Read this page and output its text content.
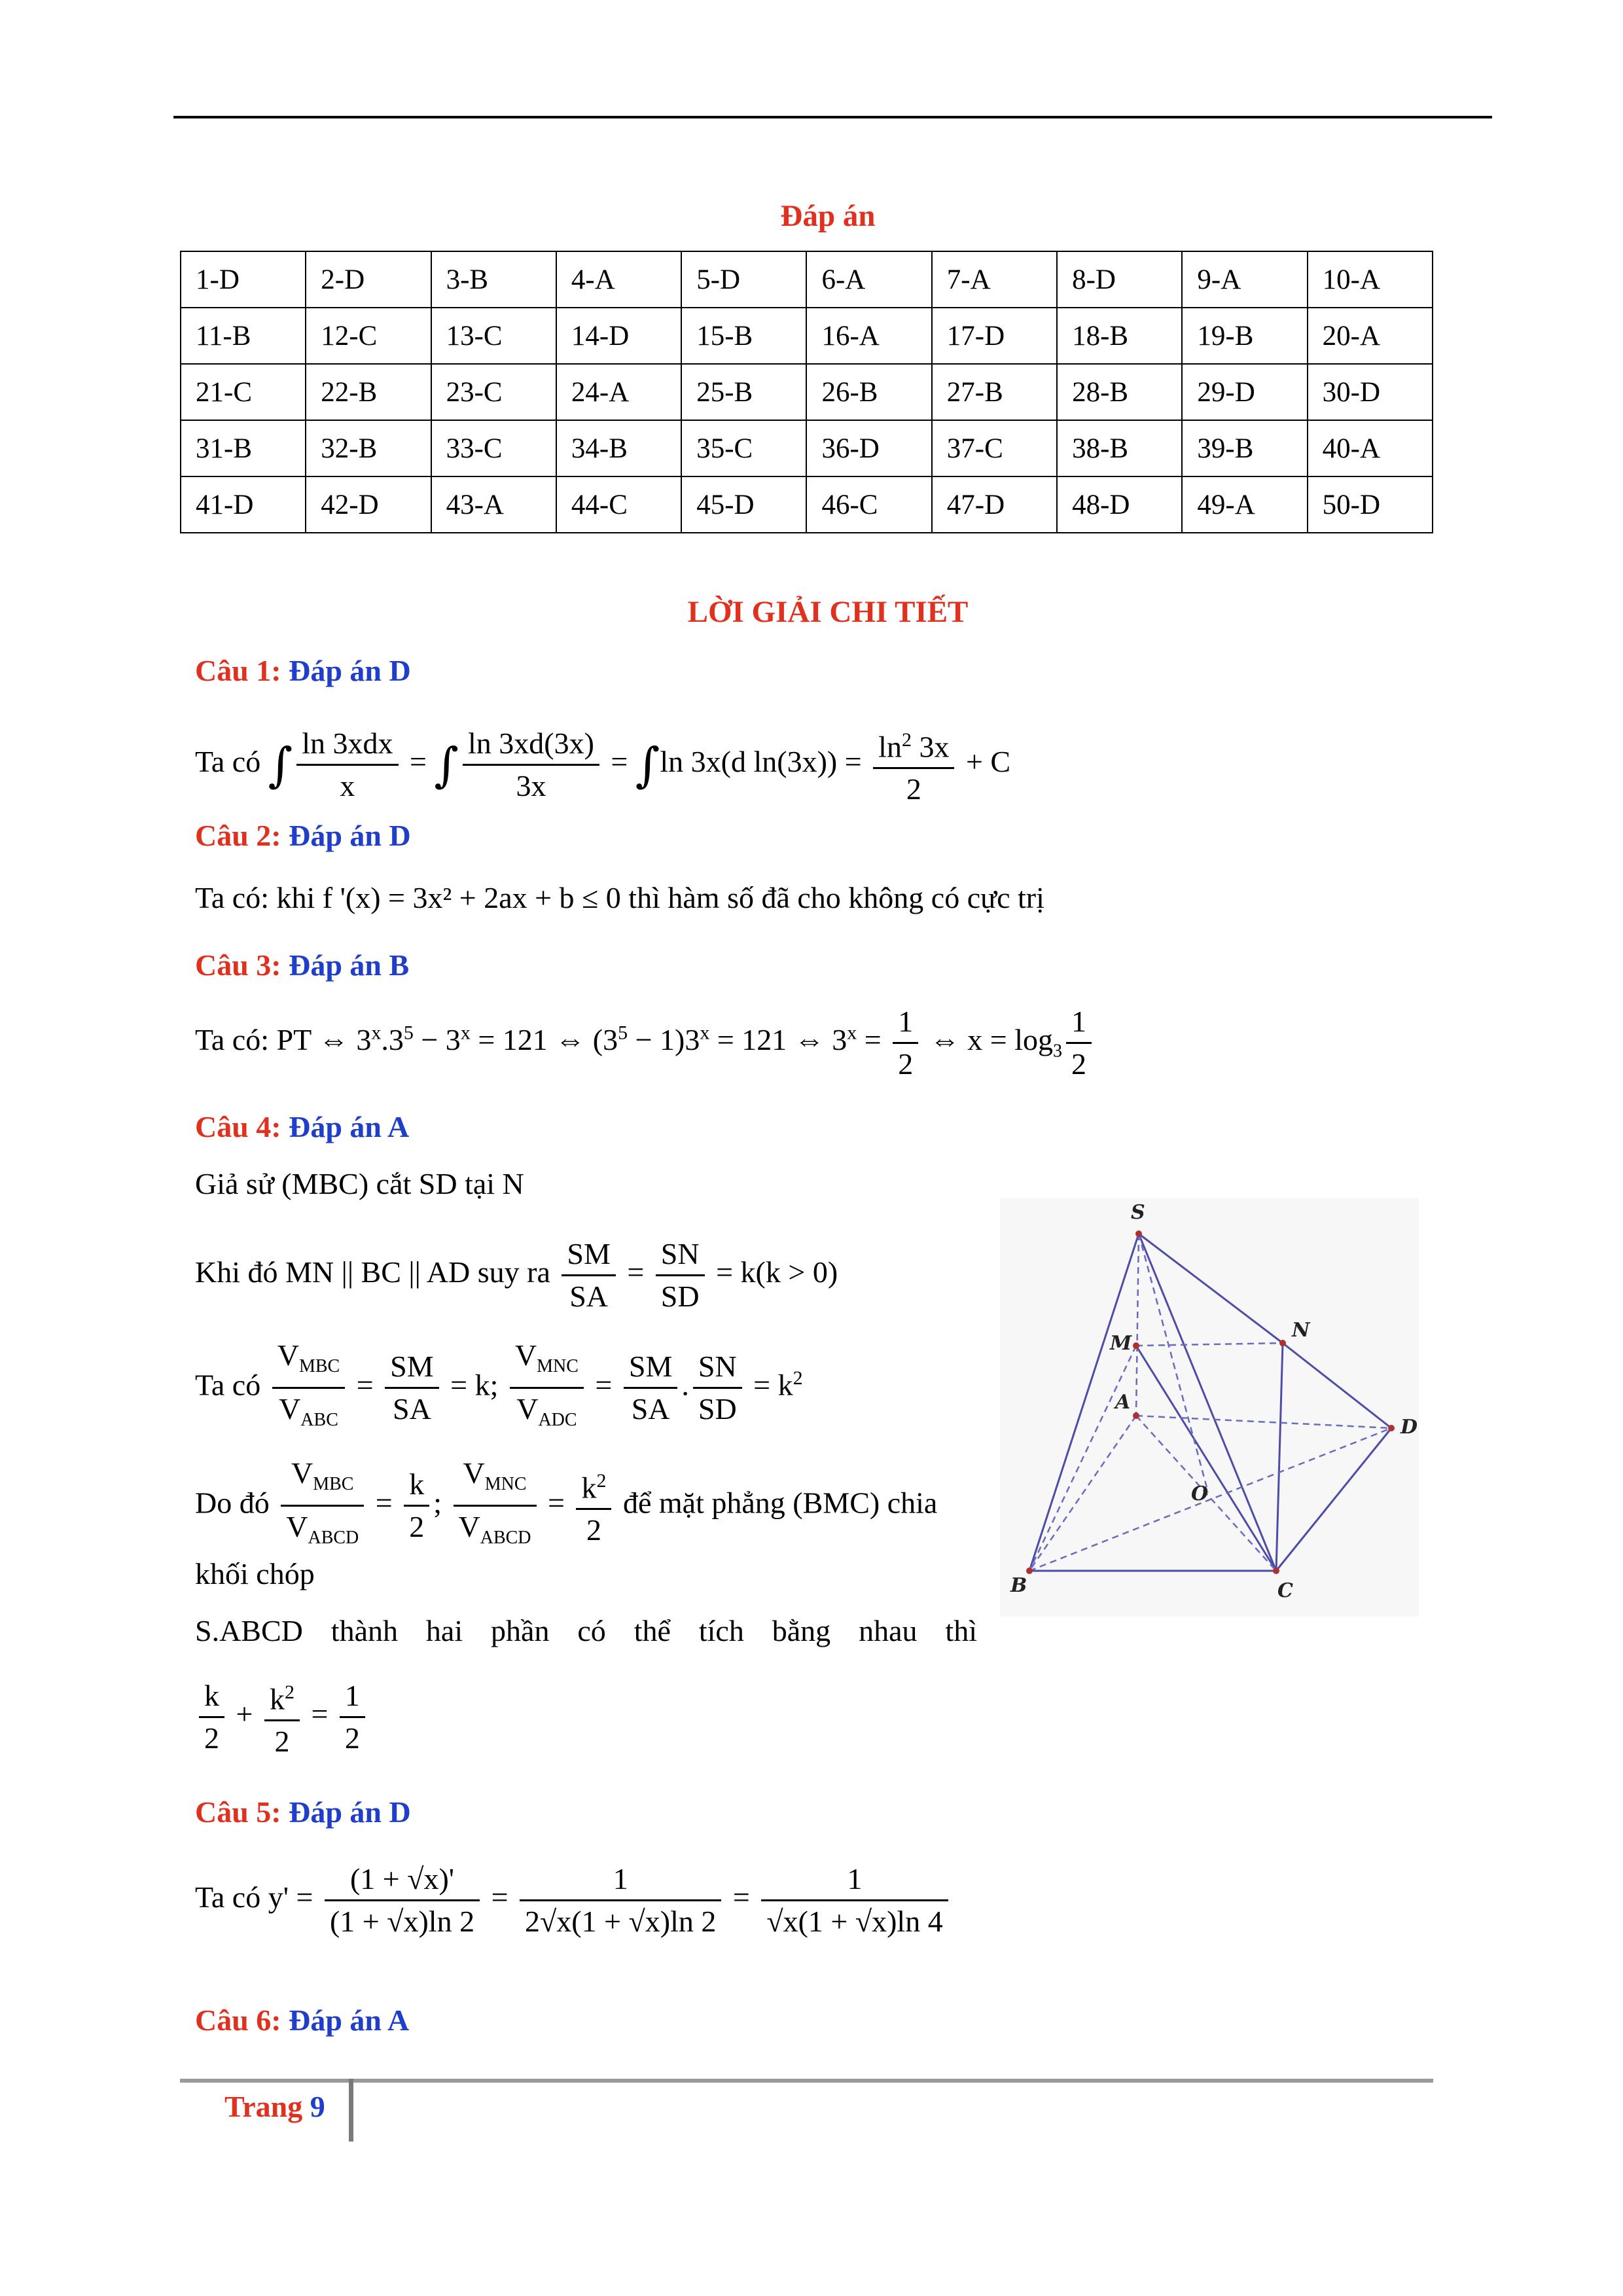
Đáp án
1-D	2-D	3-B	4-A	5-D	6-A	7-A	8-D	9-A	10-A
11-B	12-C	13-C	14-D	15-B	16-A	17-D	18-B	19-B	20-A
21-C	22-B	23-C	24-A	25-B	26-B	27-B	28-B	29-D	30-D
31-B	32-B	33-C	34-B	35-C	36-D	37-C	38-B	39-B	40-A
41-D	42-D	43-A	44-C	45-D	46-C	47-D	48-D	49-A	50-D
LỜI GIẢI CHI TIẾT
Câu 1: Đáp án D
Ta có ∫ $\frac{\text{ln 3xdx}}{x}$ = ∫ $\frac{\ln 3xd(3x)}{3x} = \int\ln$ 3x(d $\ln(3x)) = \frac{\ln^2 3x}{2} + C$
Câu 2: Đáp án D
Ta có: khi f '(x) = 3x² + 2ax + b ≤ 0 thì hàm số đã cho không có cực trị
Câu 3: Đáp án B
Ta có: PT ⇔ $3^x.3^5 - 3^x = 121$ ⇔ $(3^5 - 1)3^x = 121$ ⇔ $3^x = \frac{1}{2}$ ⇔ $x = \log_3 \frac{1}{2}$
Câu 4: Đáp án A
Giả sử (MBC) cắt SD tại N
Khi đó MN || BC || AD suy ra $\frac{SM}{SA} = \frac{SN}{SD} = k(k > 0)$
Ta có $\frac{V_{MBC}}{V_{ABC}} = \frac{SM}{SA} = k$; $\frac{V_{MNC}}{V_{ADC}} = \frac{SM}{SA}$ . $\frac{SN}{SD} = k^2$
Do đó $\frac{V_{MBC}}{V_{ABCD}} = \frac{k}{2}$ ; $\frac{V_{MNC}}{V_{ABCD}} = \frac{k^2}{2}$ để mặt phẳng (BMC) chia
khối chóp
S.ABCD thành hai phần có thể tích bằng nhau thì
$\frac{k}{2} + \frac{k^2}{2} = \frac{1}{2}$
S
M
N
A
D
O
B	C
Câu 5: Đáp án D
Ta có $y' = \frac{(1 + √x)'}{(1 + √x)\ln 2} = \frac{1}{2√x(1 + √x)\ln 2} = \frac{1}{√x(1 + √x)\ln 4}$
Câu 6: Đáp án A
Trang 9
